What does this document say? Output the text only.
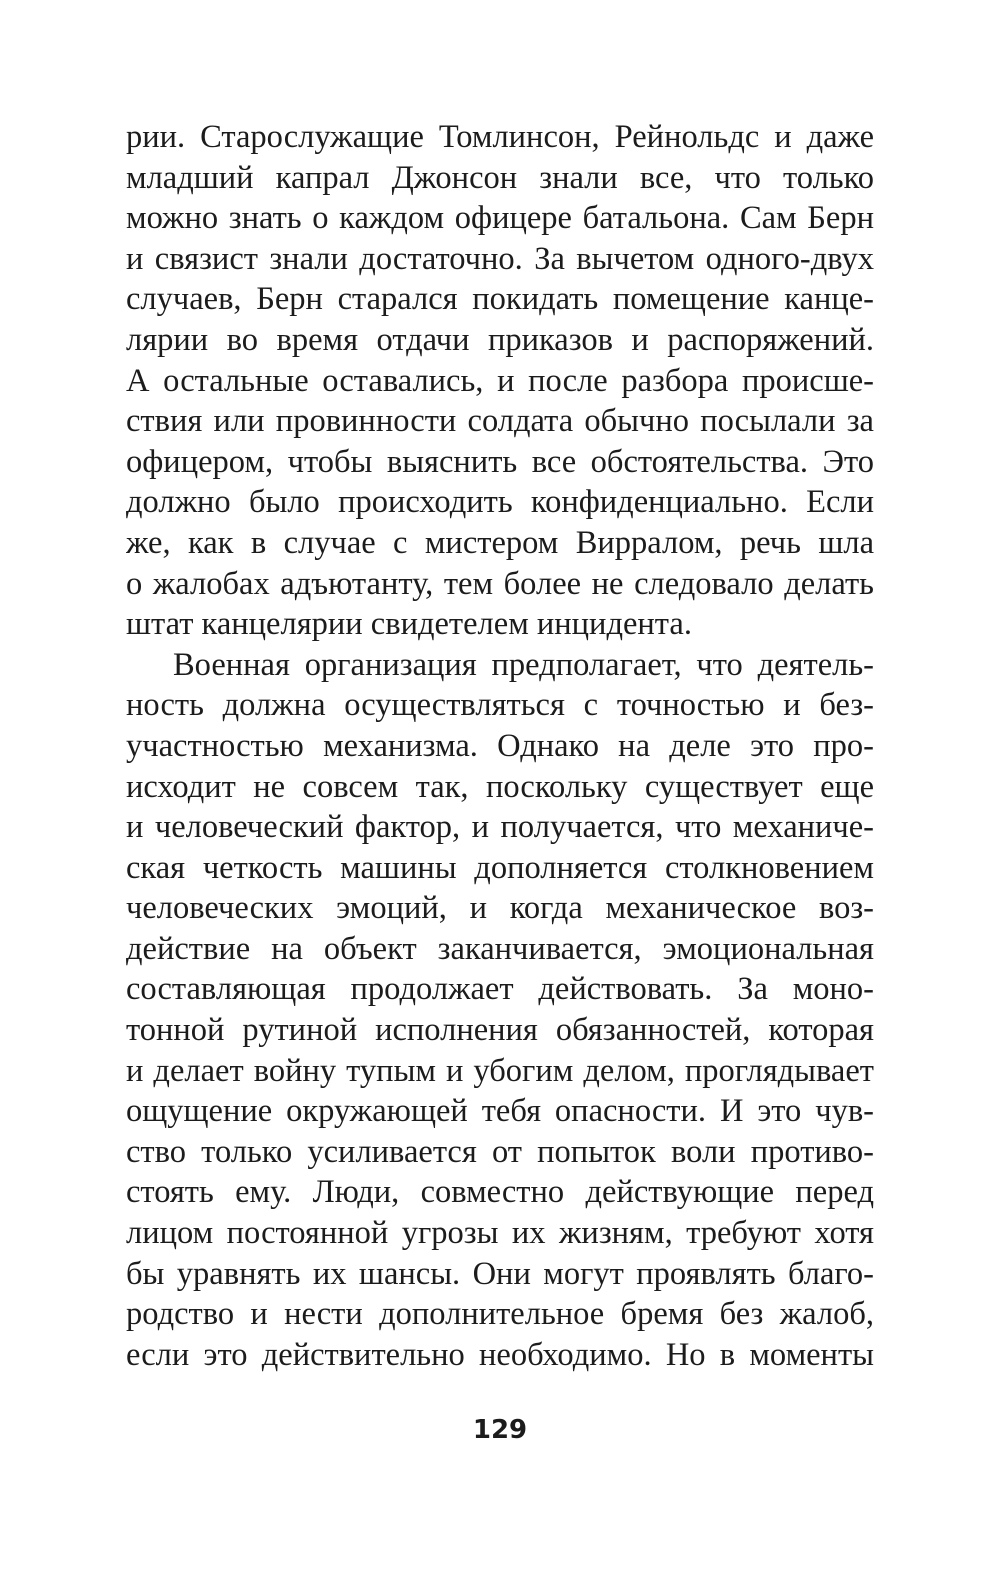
рии. Старослужащие Томлинсон, Рейнольдс и даже
младший капрал Джонсон знали все, что только
можно знать о каждом офицере батальона. Сам Берн
и связист знали достаточно. За вычетом одного-двух
случаев, Берн старался покидать помещение канце-
лярии во время отдачи приказов и распоряжений.
А остальные оставались, и после разбора происше-
ствия или провинности солдата обычно посылали за
офицером, чтобы выяснить все обстоятельства. Это
должно было происходить конфиденциально. Если
же, как в случае с мистером Вирралом, речь шла
о жалобах адъютанту, тем более не следовало делать
штат канцелярии свидетелем инцидента.
Военная организация предполагает, что деятель-
ность должна осуществляться с точностью и без-
участностью механизма. Однако на деле это про-
исходит не совсем так, поскольку существует еще
и человеческий фактор, и получается, что механиче-
ская четкость машины дополняется столкновением
человеческих эмоций, и когда механическое воз-
действие на объект заканчивается, эмоциональная
составляющая продолжает действовать. За моно-
тонной рутиной исполнения обязанностей, которая
и делает войну тупым и убогим делом, проглядывает
ощущение окружающей тебя опасности. И это чув-
ство только усиливается от попыток воли противо-
стоять ему. Люди, совместно действующие перед
лицом постоянной угрозы их жизням, требуют хотя
бы уравнять их шансы. Они могут проявлять благо-
родство и нести дополнительное бремя без жалоб,
если это действительно необходимо. Но в моменты
129
